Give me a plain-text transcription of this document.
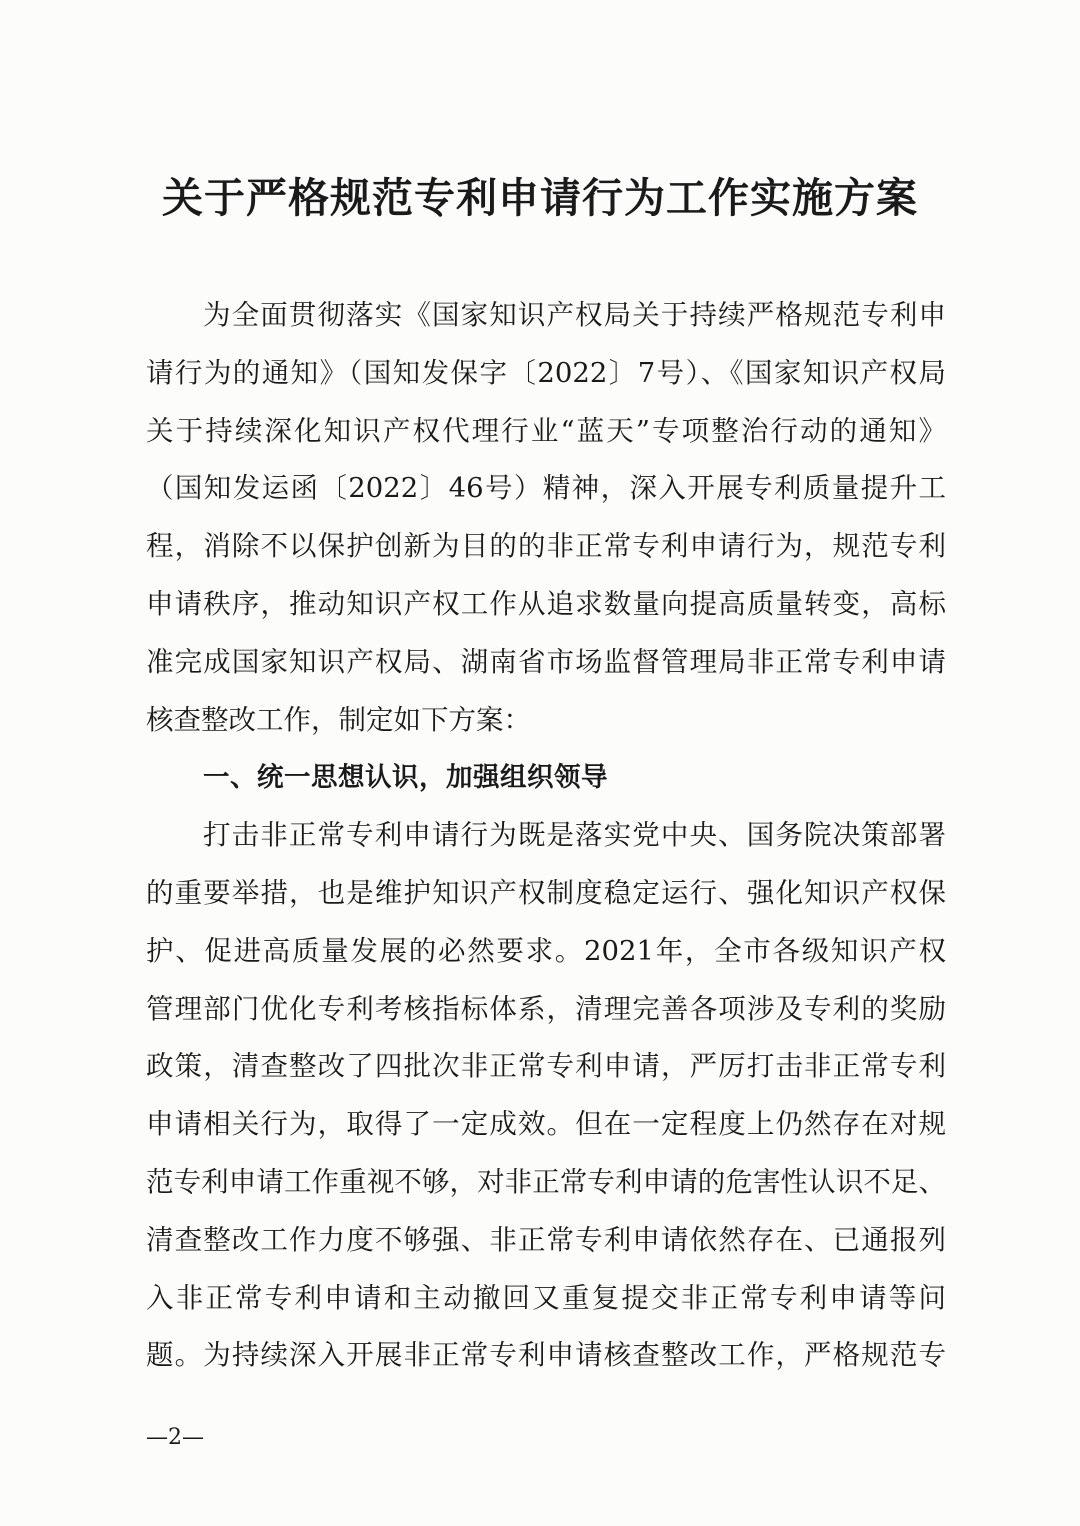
关于严格规范专利申请行为工作实施方案
为全面贯彻落实《国家知识产权局关于持续严格规范专利申
请行为的通知》（国知发保字〔2022〕7号）、《国家知识产权局
关于持续深化知识产权代理行业“蓝天”专项整治行动的通知》
（国知发运函〔2022〕46号）精神，深入开展专利质量提升工
程，消除不以保护创新为目的的非正常专利申请行为，规范专利
申请秩序，推动知识产权工作从追求数量向提高质量转变，高标
准完成国家知识产权局、湖南省市场监督管理局非正常专利申请
核查整改工作，制定如下方案：
一、统一思想认识，加强组织领导
打击非正常专利申请行为既是落实党中央、国务院决策部署
的重要举措，也是维护知识产权制度稳定运行、强化知识产权保
护、促进高质量发展的必然要求。2021年，全市各级知识产权
管理部门优化专利考核指标体系，清理完善各项涉及专利的奖励
政策，清查整改了四批次非正常专利申请，严厉打击非正常专利
申请相关行为，取得了一定成效。但在一定程度上仍然存在对规
范专利申请工作重视不够，对非正常专利申请的危害性认识不足、
清查整改工作力度不够强、非正常专利申请依然存在、已通报列
入非正常专利申请和主动撤回又重复提交非正常专利申请等问
题。为持续深入开展非正常专利申请核查整改工作，严格规范专
—2—
